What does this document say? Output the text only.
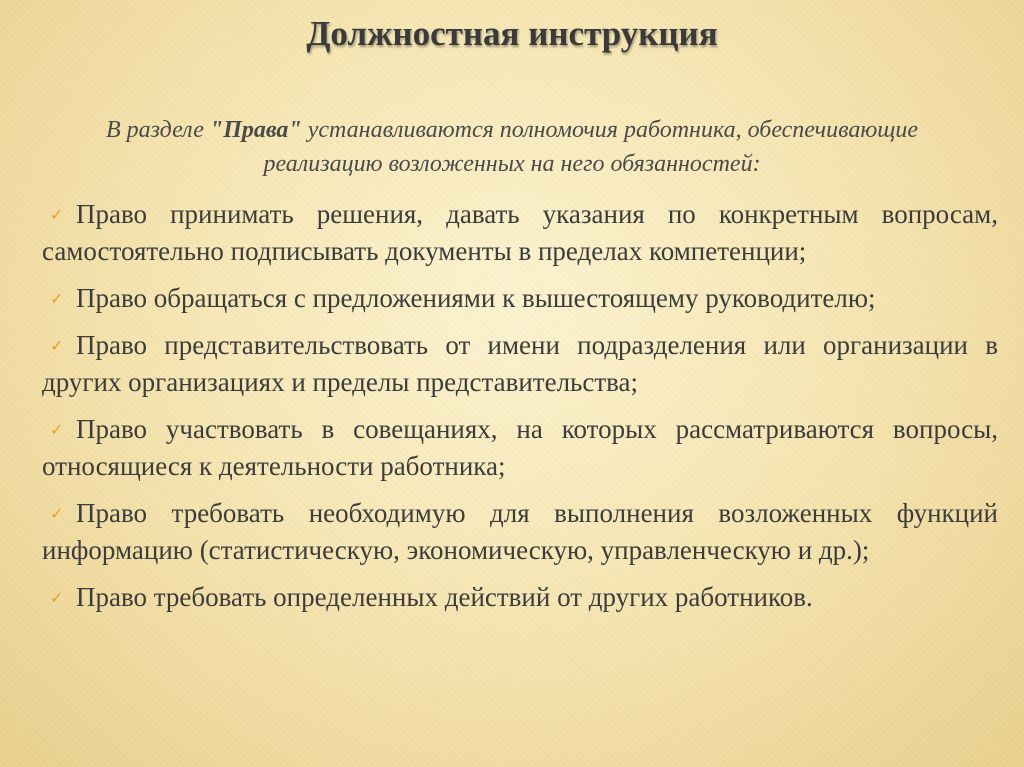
Должностная инструкция
В разделе "Права" устанавливаются полномочия работника, обеспечивающие реализацию возложенных на него обязанностей:
✓ Право принимать решения, давать указания по конкретным вопросам, самостоятельно подписывать документы в пределах компетенции;
✓ Право обращаться с предложениями к вышестоящему руководителю;
✓ Право представительствовать от имени подразделения или организации в других организациях и пределы представительства;
✓ Право участвовать в совещаниях, на которых рассматриваются вопросы, относящиеся к деятельности работника;
✓ Право требовать необходимую для выполнения возложенных функций информацию (статистическую, экономическую, управленческую и др.);
✓ Право требовать определенных действий от других работников.
